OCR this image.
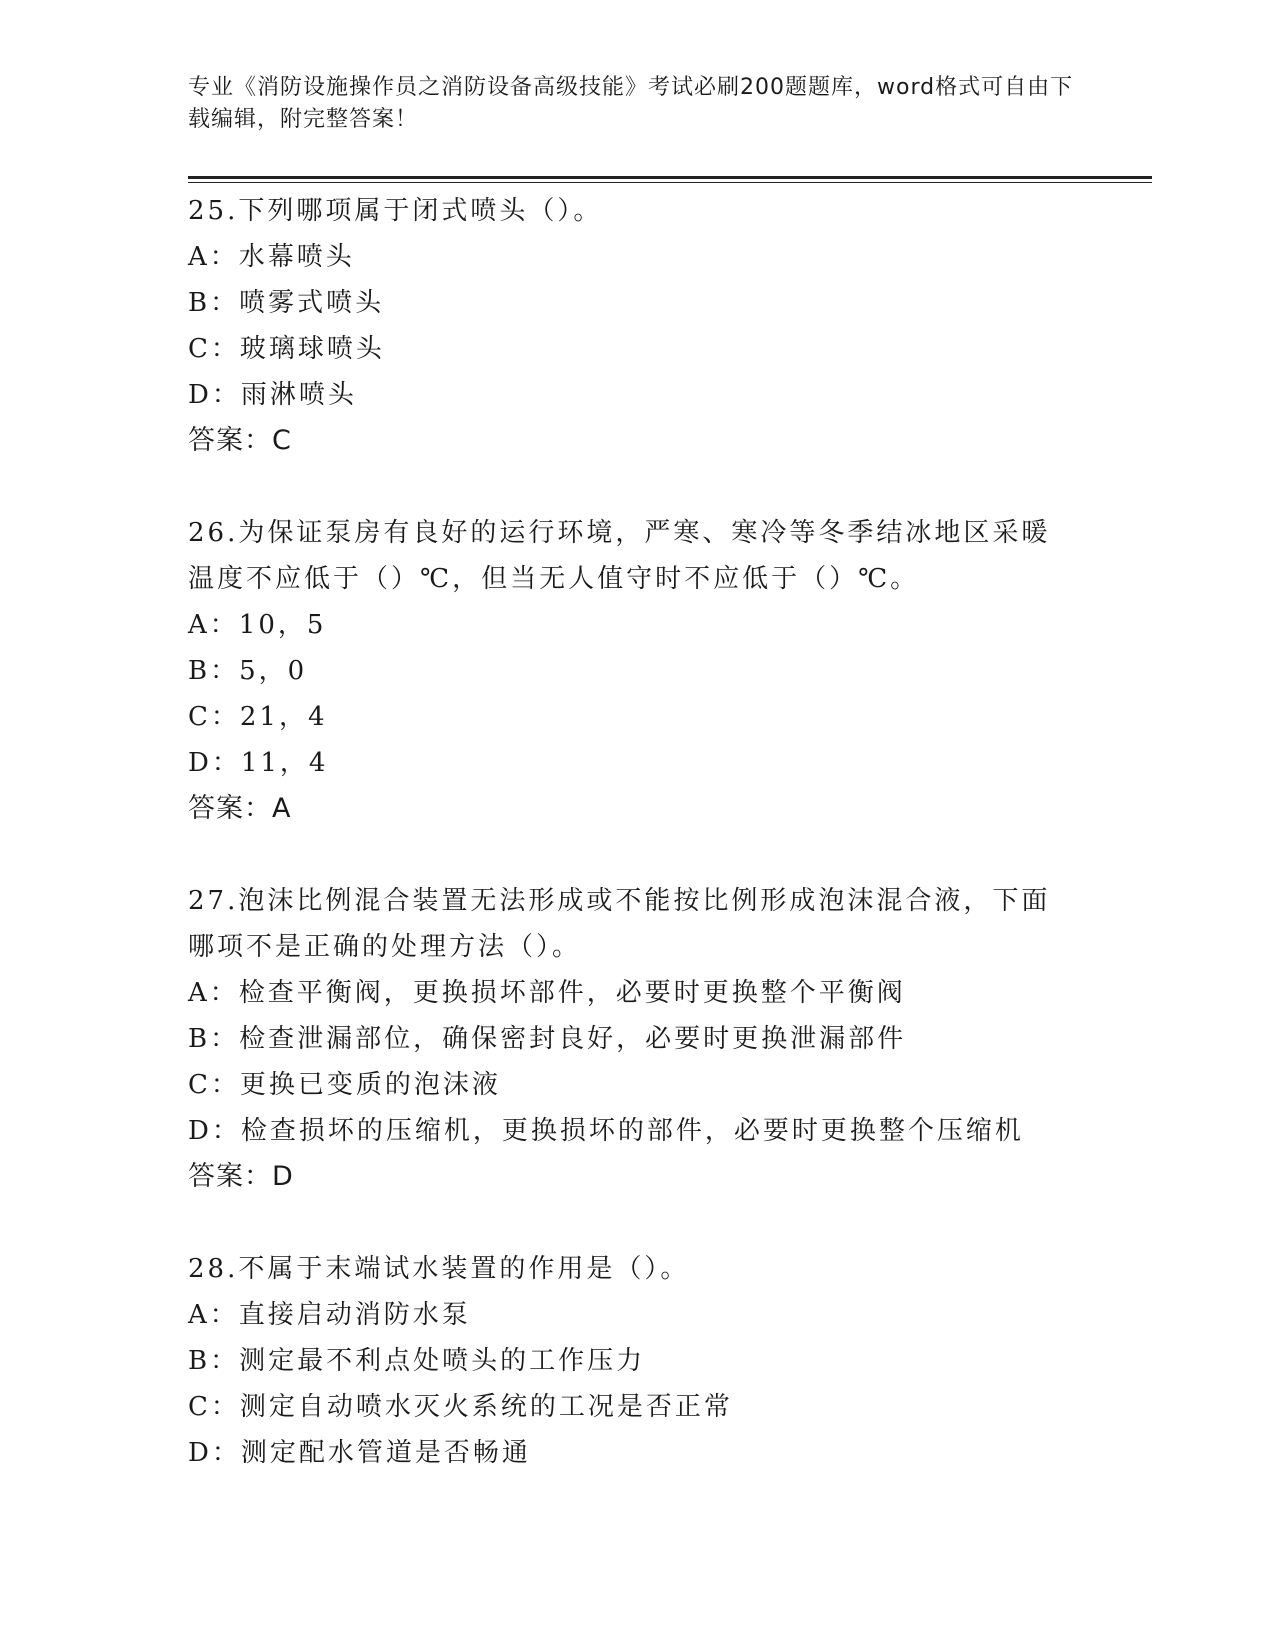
专业《消防设施操作员之消防设备高级技能》考试必刷200题题库，word格式可自由下载编辑，附完整答案！
25.下列哪项属于闭式喷头（）。
A：水幕喷头
B：喷雾式喷头
C：玻璃球喷头
D：雨淋喷头
答案：C
26.为保证泵房有良好的运行环境，严寒、寒冷等冬季结冰地区采暖温度不应低于（）℃，但当无人值守时不应低于（）℃。
A：10，5
B：5，0
C：21，4
D：11，4
答案：A
27.泡沫比例混合装置无法形成或不能按比例形成泡沫混合液，下面哪项不是正确的处理方法（）。
A：检查平衡阀，更换损坏部件，必要时更换整个平衡阀
B：检查泄漏部位，确保密封良好，必要时更换泄漏部件
C：更换已变质的泡沫液
D：检查损坏的压缩机，更换损坏的部件，必要时更换整个压缩机
答案：D
28.不属于末端试水装置的作用是（）。
A：直接启动消防水泵
B：测定最不利点处喷头的工作压力
C：测定自动喷水灭火系统的工况是否正常
D：测定配水管道是否畅通
